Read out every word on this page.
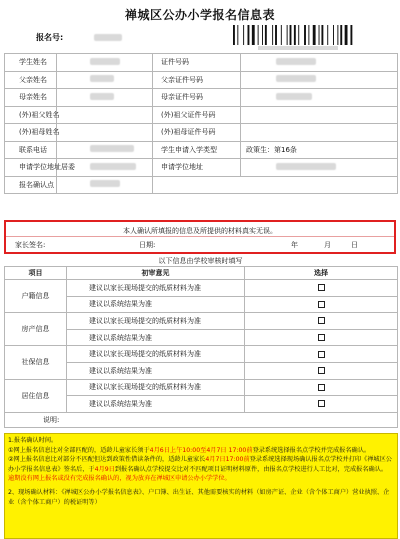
禅城区公办小学报名信息表
报名号:
学生姓名		证件号码	
父亲姓名		父亲证件号码	
母亲姓名		母亲证件号码	
(外)祖父姓名		(外)祖父证件号码	
(外)祖母姓名		(外)祖母证件号码	
联系电话		学生申请入学类型	政策生：第16条
申请学位地址居委		申请学位地址	
报名确认点			
本人确认所填报的信息及所提供的材料真实无误。
家长签名:	日期:	年	月	日
以下信息由学校审核时填写
项目	初审意见	选择
户籍信息	建议以家长现场提交的纸质材料为准	
	建议以系统结果为准	
房产信息	建议以家长现场提交的纸质材料为准	
	建议以系统结果为准	
社保信息	建议以家长现场提交的纸质材料为准	
	建议以系统结果为准	
居住信息	建议以家长现场提交的纸质材料为准	
	建议以系统结果为准	
说明:		

1.报名确认时间。

①网上报名信息比对全部匹配的，适龄儿童家长须于4月6日上午10:00至4月7日 17:00前登录系统选择报名点学校并完成报名确认。

②网上报名信息比对部分不匹配但达到政策性借读条件的，适龄儿童家长4月7日17:00前登录系统选择现场确认报名点学校并打印《禅城区公办小学报名信息表》签名后，于4月9日到报名确认点学校提交比对不匹配项目证明材料原件，由报名点学校进行人工比对，完成报名确认。

逾期没有网上报名或没有完成报名确认的，视为放弃在禅城区申请公办小学学位。

2、现场确认材料：《禅城区公办小学报名信息表》、户口簿、出生证、其他需要核实的材料（如房产证、企业（含个体工商户）营业执照、企业（含个体工商户）的税证明等）
